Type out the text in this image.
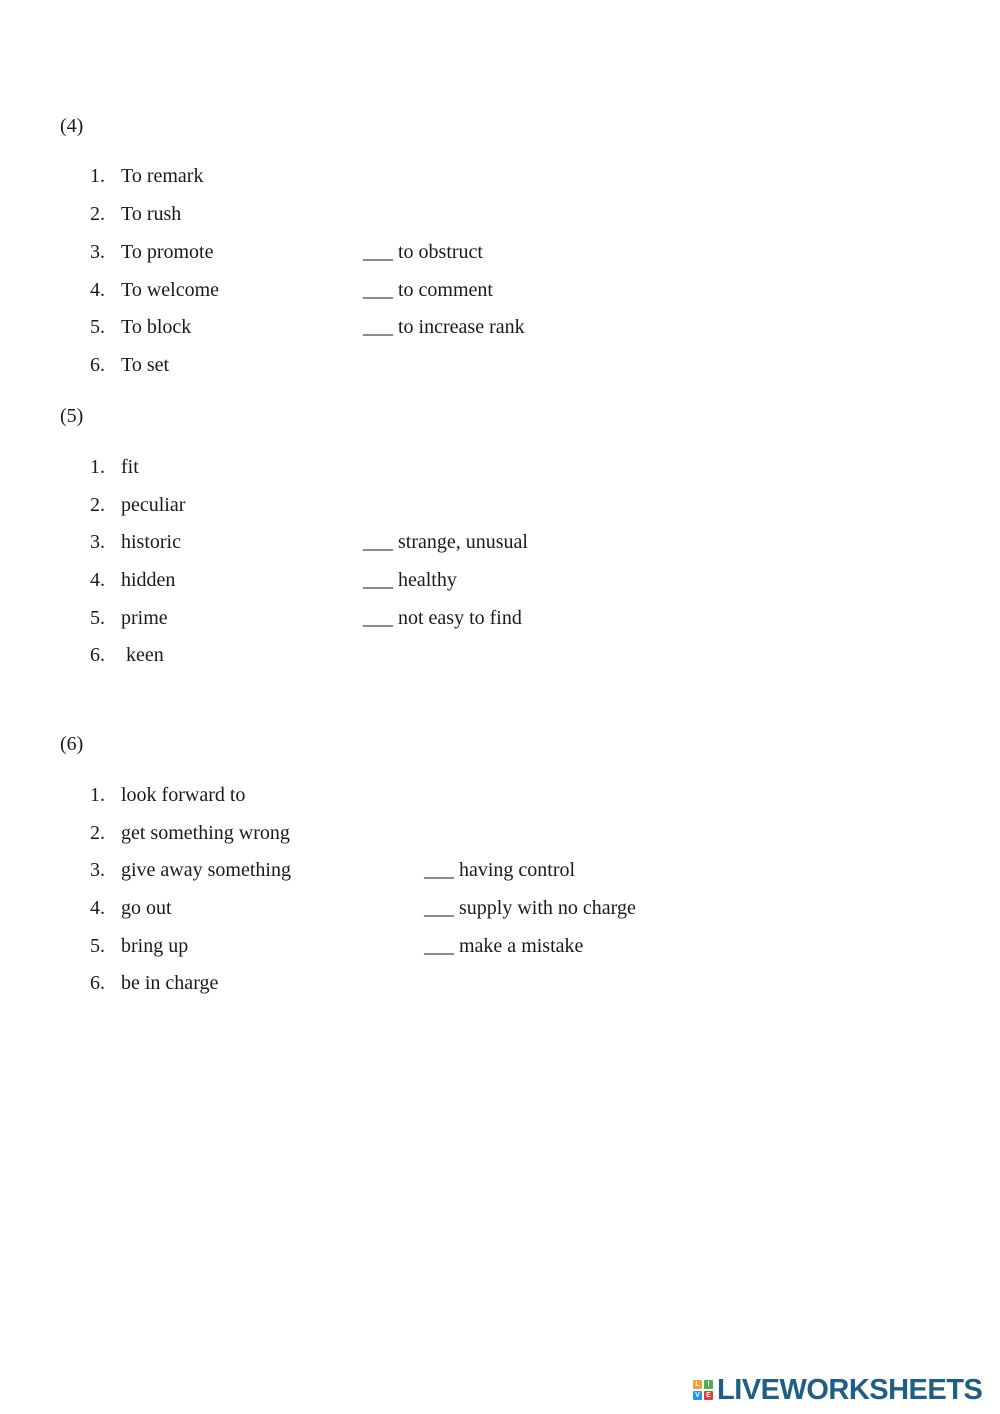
(4)
1. To remark
2. To rush
3. To promote
4. To welcome
5. To block
6. To set
___ to obstruct
___ to comment
___ to increase rank
(5)
1. fit
2. peculiar
3. historic
4. hidden
5. prime
6. keen
___ strange, unusual
___ healthy
___ not easy to find
(6)
1. look forward to
2. get something wrong
3. give away something
4. go out
5. bring up
6. be in charge
___ having control
___ supply with no charge
___ make a mistake
L	I
V E LIVEWORKSHEETS
